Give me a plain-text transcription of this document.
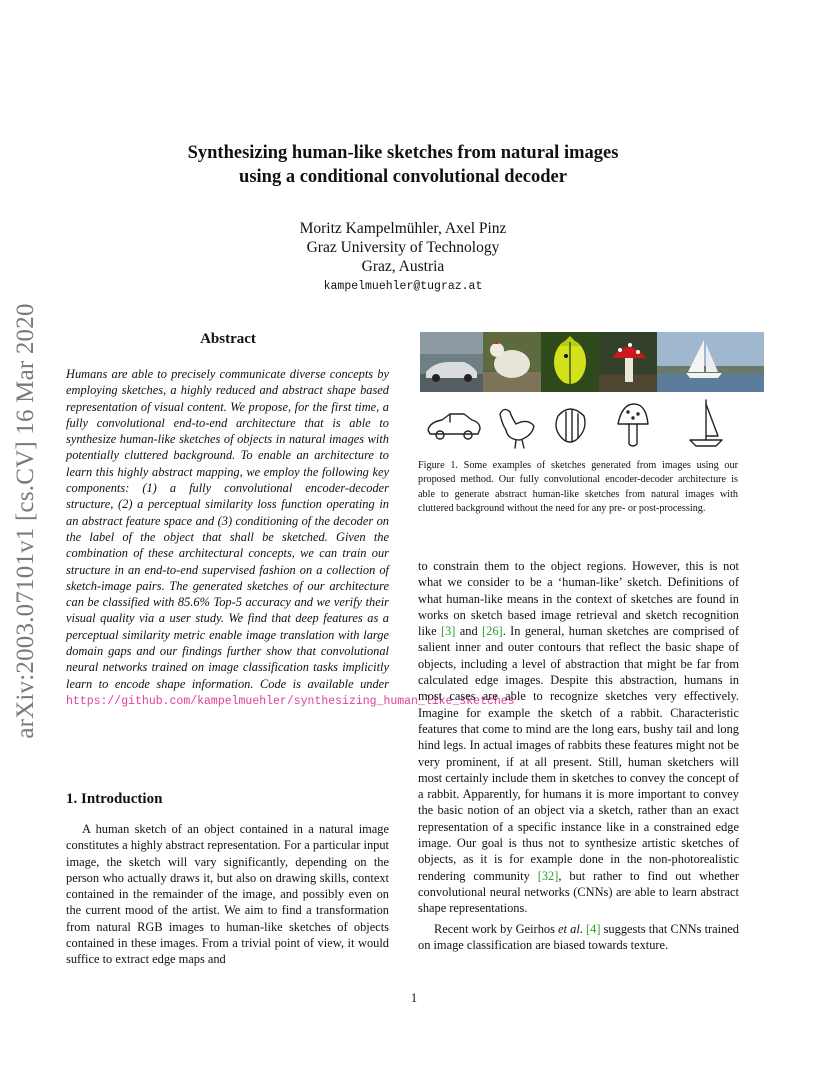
arXiv:2003.07101v1 [cs.CV] 16 Mar 2020
Synthesizing human-like sketches from natural images
using a conditional convolutional decoder
Moritz Kampelmühler, Axel Pinz
Graz University of Technology
Graz, Austria
kampelmuehler@tugraz.at
Abstract
Humans are able to precisely communicate diverse concepts by employing sketches, a highly reduced and abstract shape based representation of visual content. We propose, for the first time, a fully convolutional end-to-end architecture that is able to synthesize human-like sketches of objects in natural images with potentially cluttered background. To enable an architecture to learn this highly abstract mapping, we employ the following key components: (1) a fully convolutional encoder-decoder structure, (2) a perceptual similarity loss function operating in an abstract feature space and (3) conditioning of the decoder on the label of the object that shall be sketched. Given the combination of these architectural concepts, we can train our structure in an end-to-end supervised fashion on a collection of sketch-image pairs. The generated sketches of our architecture can be classified with 85.6% Top-5 accuracy and we verify their visual quality via a user study. We find that deep features as a perceptual similarity metric enable image translation with large domain gaps and our findings further show that convolutional neural networks trained on image classification tasks implicitly learn to encode shape information. Code is available under https://github.com/kampelmuehler/synthesizing_human_like_sketches
1. Introduction

A human sketch of an object contained in a natural image constitutes a highly abstract representation. For a particular input image, the sketch will vary significantly, depending on the person who actually draws it, but also on drawing skills, context contained in the remainder of the image, and possibly even on the current mood of the artist. We aim to find a transformation from natural RGB images to human-like sketches of objects contained in these images. From a trivial point of view, it would suffice to extract edge maps and

Figure 1. Some examples of sketches generated from images using our proposed method. Our fully convolutional encoder-decoder architecture is able to generate abstract human-like sketches from natural images with cluttered background without the need for any pre- or post-processing.

to constrain them to the object regions. However, this is not what we consider to be a ‘human-like’ sketch. Definitions of what human-like means in the context of sketches are found in works on sketch based image retrieval and sketch recognition like [3] and [26]. In general, human sketches are comprised of salient inner and outer contours that reflect the basic shape of objects, including a level of abstraction that might be far from calculated edge images. Despite this abstraction, humans in most cases are able to recognize sketches very effectively. Imagine for example the sketch of a rabbit. Characteristic features that come to mind are the long ears, bushy tail and long hind legs. In actual images of rabbits these features might not be very prominent, if at all present. Still, human sketchers will most certainly include them in sketches to convey the concept of a rabbit. Apparently, for humans it is more important to convey the basic notion of an object via a sketch, rather than an exact representation of a specific instance like in a constrained edge image. Our goal is thus not to synthesize artistic sketches of objects, as it is for example done in the non-photorealistic rendering community [32], but rather to find out whether convolutional neural networks (CNNs) are able to learn abstract shape representations.

Recent work by Geirhos et al. [4] suggests that CNNs trained on image classification are biased towards texture.

1
